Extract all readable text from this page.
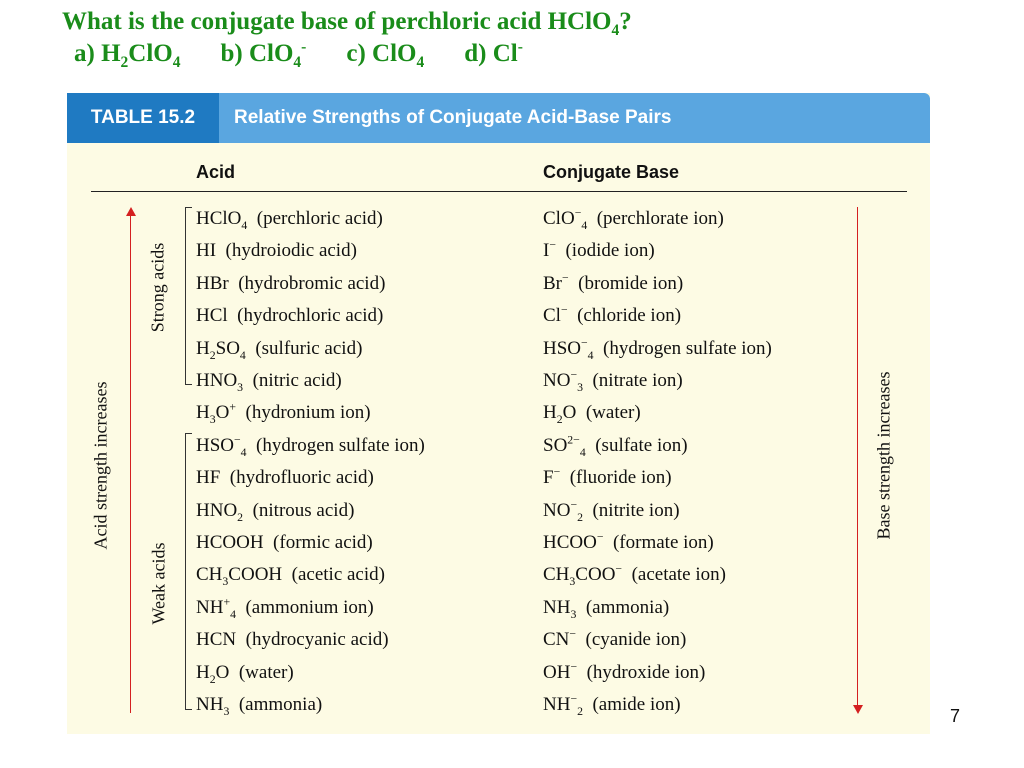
What is the conjugate base of perchloric acid HClO$_4$?
a) $H_2ClO_4$ b) ClO$_4$- c) ClO$_4$ d) Cl-
TABLE 15.2	Relative Strengths of Conjugate Acid-Base Pairs
Acid	Conjugate Base
Acid strength increases	Base strength increases
Strong acids
Weak acids
HClO$_4$  (perchloric acid)	ClO−$_4$  (perchlorate ion)
HI  (hydroiodic acid)	I−  (iodide ion)
HBr  (hydrobromic acid)	Br−  (bromide ion)
HCl  (hydrochloric acid)	Cl−  (chloride ion)
$H_2SO_4$  (sulfuric acid)	$HSO^-_4$  (hydrogen sulfate ion)
$HNO_3$  (nitric acid)	$NO^-_3$  (nitrate ion)
$H_3O^+$  (hydronium ion)	$H_2O$  (water)
$HSO^-_4$  (hydrogen sulfate ion)	$SO^{2-}_4$  (sulfate ion)
HF  (hydrofluoric acid)	F−  (fluoride ion)
$HNO_2$  (nitrous acid)	$NO^-_2$  (nitrite ion)
HCOOH  (formic acid)	HCOO−  (formate ion)
$CH_3COOH$  (acetic acid)	$CH_3COO^-$  (acetate ion)
$NH^+_4$  (ammonium ion)	$NH_3$  (ammonia)
HCN  (hydrocyanic acid)	CN−  (cyanide ion)
$H_2O$  (water)	OH−  (hydroxide ion)
$NH_3$  (ammonia)	$NH^-_2$  (amide ion)
7
